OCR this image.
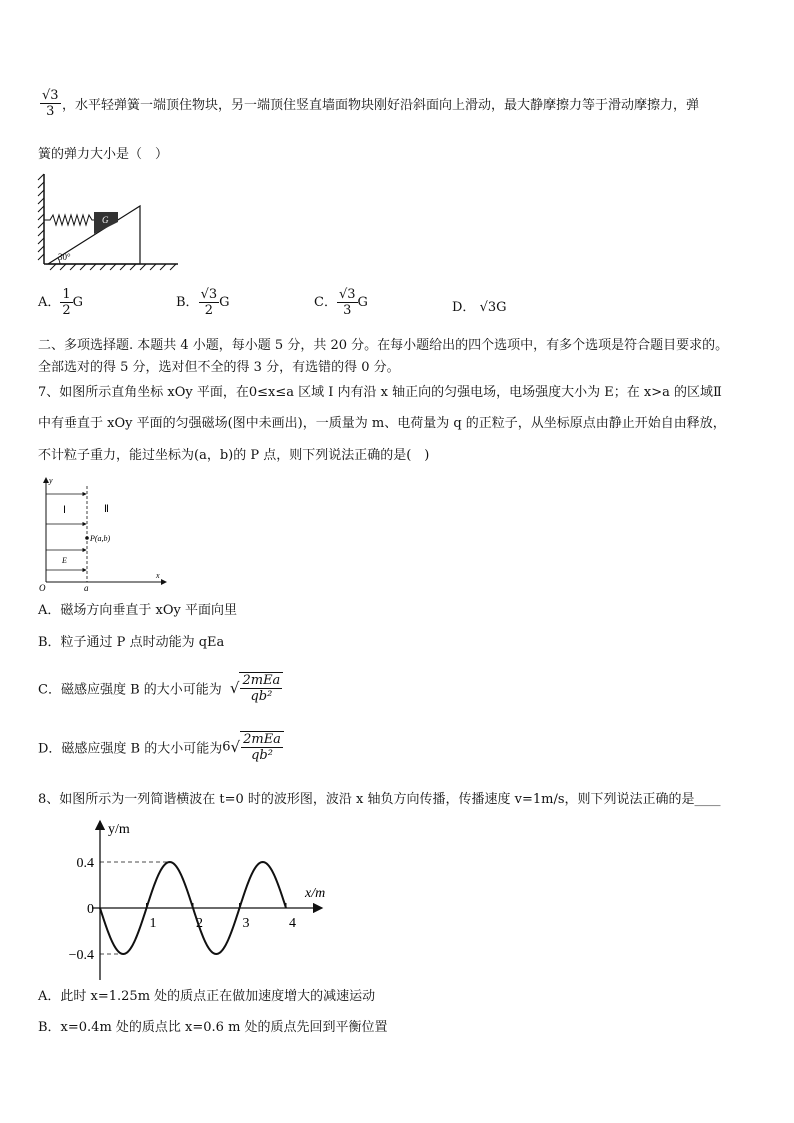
$\frac{√3}{3}$ ，水平轻弹簧一端顶住物块，另一端顶住竖直墙面物块刚好沿斜面向上滑动，最大静摩擦力等于滑动摩擦力，弹
簧的弹力大小是（　）
G
30°
A． $\frac{1}{2}$ G	B． $\frac{√3}{2}$ G	C． $\frac{√3}{3}$ G	D． √3G
二、多项选择题. 本题共 4 小题，每小题 5 分，共 20 分。在每小题给出的四个选项中，有多个选项是符合题目要求的。
全部选对的得 5 分，选对但不全的得 3 分，有选错的得 0 分。
7、如图所示直角坐标 xOy 平面，在0≤x≤a 区域 Ⅰ 内有沿 x 轴正向的匀强电场，电场强度大小为 E；在 x>a 的区域Ⅱ
中有垂直于 xOy 平面的匀强磁场(图中未画出)，一质量为 m、电荷量为 q 的正粒子，从坐标原点由静止开始自由释放，
不计粒子重力，能过坐标为(a，b)的 P 点，则下列说法正确的是(　)
y
x
O	a
Ⅰ	Ⅱ
P(a,b)
E
A．磁场方向垂直于 xOy 平面向里
B．粒子通过 P 点时动能为 qEa
C．磁感应强度 B 的大小可能为 √ $\frac{\text{2mEa}}{\text{qb²}}$
D．磁感应强度 B 的大小可能为$6√ \frac{\text{2mEa}}{\text{qb²}}$
8、如图所示为一列简谐横波在 t=0 时的波形图，波沿 x 轴负方向传播，传播速度 v=1m/s，则下列说法正确的是____
y/m
x/m
−0.4
0
0.4
1	2	3	4
A．此时 x=1.25m 处的质点正在做加速度增大的减速运动
B．x=0.4m 处的质点比 x=0.6 m 处的质点先回到平衡位置
